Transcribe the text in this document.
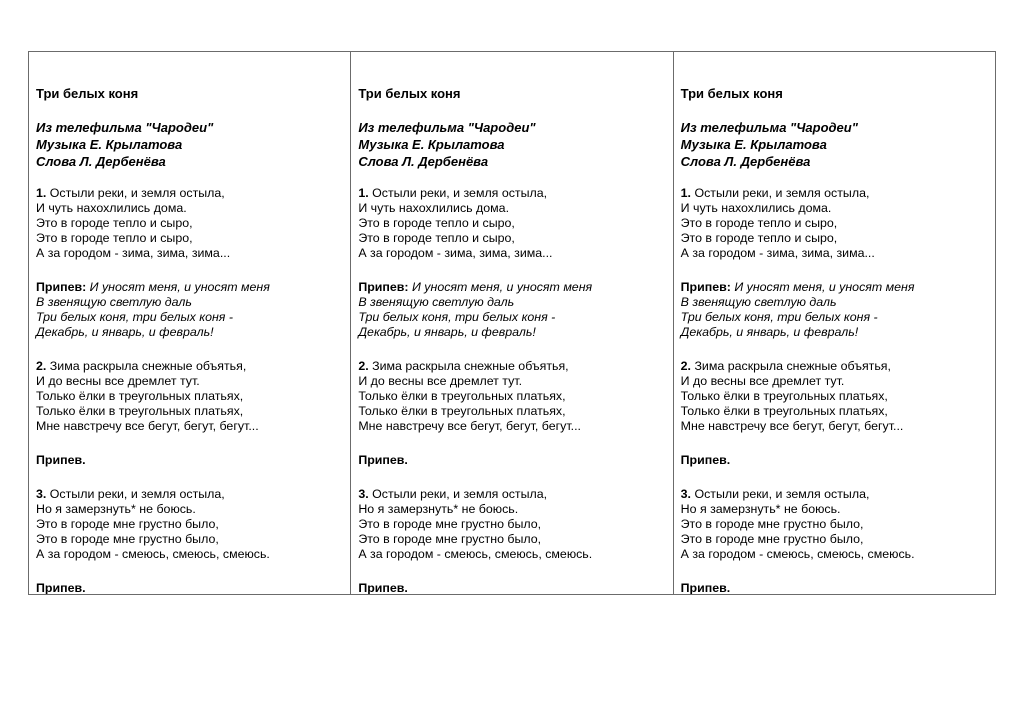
Три белых коня
Из телефильма "Чародеи"
Музыка Е. Крылатова
Слова Л. Дербенёва
1. Остыли реки, и земля остыла,
И чуть нахохлились дома.
Это в городе тепло и сыро,
Это в городе тепло и сыро,
А за городом - зима, зима, зима...
Припев: И уносят меня, и уносят меня
В звенящую светлую даль
Три белых коня, три белых коня -
Декабрь, и январь, и февраль!
2. Зима раскрыла снежные объятья,
И до весны все дремлет тут.
Только ёлки в треугольных платьях,
Только ёлки в треугольных платьях,
Мне навстречу все бегут, бегут, бегут...
Припев.
3. Остыли реки, и земля остыла,
Но я замерзнуть* не боюсь.
Это в городе мне грустно было,
Это в городе мне грустно было,
А за городом - смеюсь, смеюсь, смеюсь.
Припев.
Три белых коня
Из телефильма "Чародеи"
Музыка Е. Крылатова
Слова Л. Дербенёва
1. Остыли реки, и земля остыла,
И чуть нахохлились дома.
Это в городе тепло и сыро,
Это в городе тепло и сыро,
А за городом - зима, зима, зима...
Припев: И уносят меня, и уносят меня
В звенящую светлую даль
Три белых коня, три белых коня -
Декабрь, и январь, и февраль!
2. Зима раскрыла снежные объятья,
И до весны все дремлет тут.
Только ёлки в треугольных платьях,
Только ёлки в треугольных платьях,
Мне навстречу все бегут, бегут, бегут...
Припев.
3. Остыли реки, и земля остыла,
Но я замерзнуть* не боюсь.
Это в городе мне грустно было,
Это в городе мне грустно было,
А за городом - смеюсь, смеюсь, смеюсь.
Припев.
Три белых коня
Из телефильма "Чародеи"
Музыка Е. Крылатова
Слова Л. Дербенёва
1. Остыли реки, и земля остыла,
И чуть нахохлились дома.
Это в городе тепло и сыро,
Это в городе тепло и сыро,
А за городом - зима, зима, зима...
Припев: И уносят меня, и уносят меня
В звенящую светлую даль
Три белых коня, три белых коня -
Декабрь, и январь, и февраль!
2. Зима раскрыла снежные объятья,
И до весны все дремлет тут.
Только ёлки в треугольных платьях,
Только ёлки в треугольных платьях,
Мне навстречу все бегут, бегут, бегут...
Припев.
3. Остыли реки, и земля остыла,
Но я замерзнуть* не боюсь.
Это в городе мне грустно было,
Это в городе мне грустно было,
А за городом - смеюсь, смеюсь, смеюсь.
Припев.
